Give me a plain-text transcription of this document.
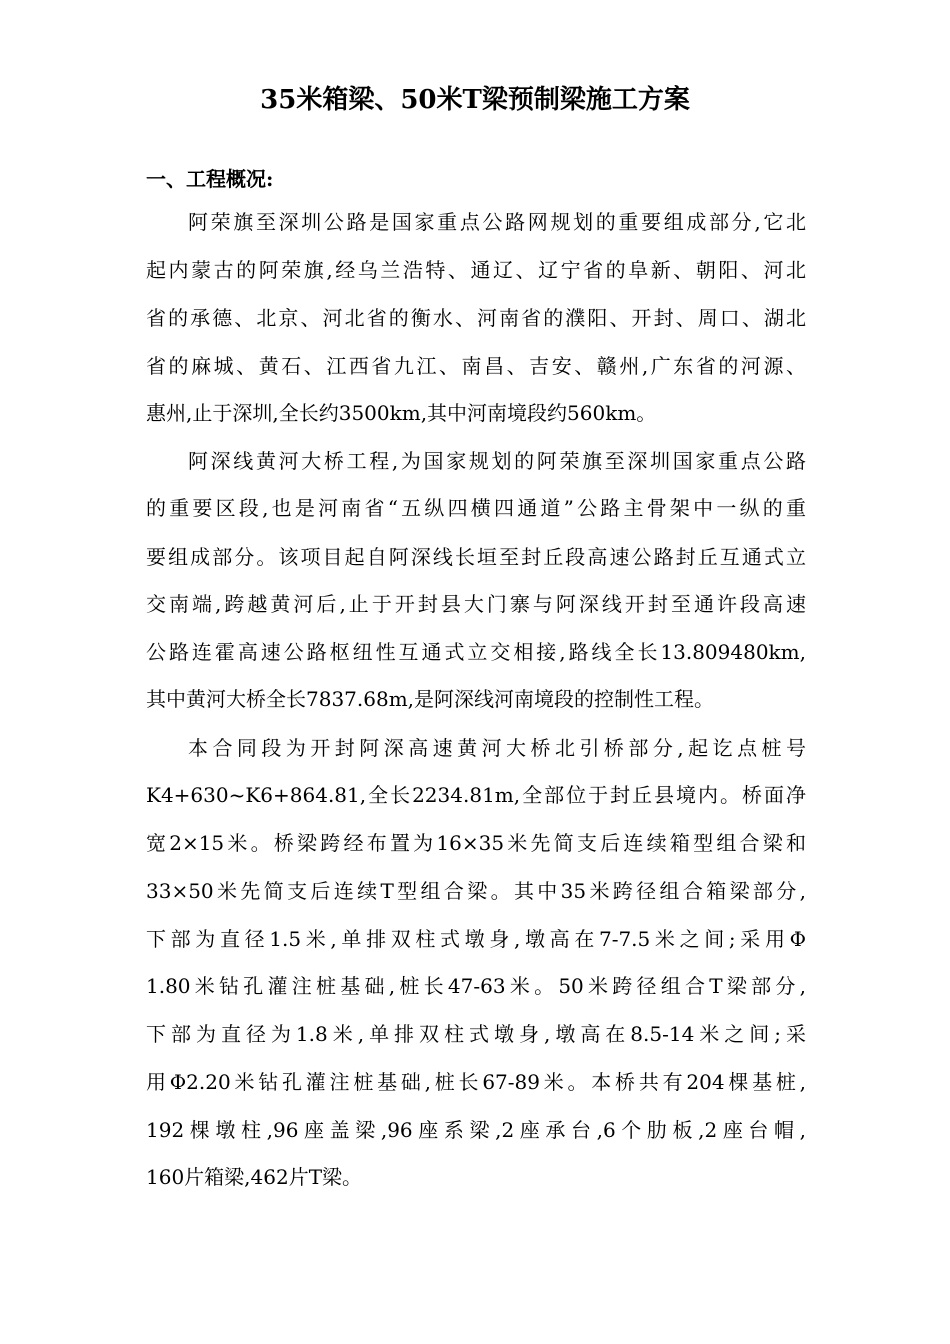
35米箱梁、50米T梁预制梁施工方案
一、工程概况:
阿荣旗至深圳公路是国家重点公路网规划的重要组成部分,它北
起内蒙古的阿荣旗,经乌兰浩特、通辽、辽宁省的阜新、朝阳、河北
省的承德、北京、河北省的衡水、河南省的濮阳、开封、周口、湖北
省的麻城、黄石、江西省九江、南昌、吉安、赣州,广东省的河源、
惠州,止于深圳,全长约3500km,其中河南境段约560km。
阿深线黄河大桥工程,为国家规划的阿荣旗至深圳国家重点公路
的重要区段,也是河南省“五纵四横四通道”公路主骨架中一纵的重
要组成部分。该项目起自阿深线长垣至封丘段高速公路封丘互通式立
交南端,跨越黄河后,止于开封县大门寨与阿深线开封至通许段高速
公路连霍高速公路枢纽性互通式立交相接,路线全长13.809480km,
其中黄河大桥全长7837.68m,是阿深线河南境段的控制性工程。
本合同段为开封阿深高速黄河大桥北引桥部分,起讫点桩号
K4+630~K6+864.81,全长2234.81m,全部位于封丘县境内。桥面净
宽2×15米。桥梁跨经布置为16×35米先简支后连续箱型组合梁和
33×50米先简支后连续T型组合梁。其中35米跨径组合箱梁部分,
下部为直径1.5米,单排双柱式墩身,墩高在7-7.5米之间;采用Φ
1.80米钻孔灌注桩基础,桩长47-63米。50米跨径组合T梁部分,
下部为直径为1.8米,单排双柱式墩身,墩高在8.5-14米之间;采
用Φ2.20米钻孔灌注桩基础,桩长67-89米。本桥共有204棵基桩,
192棵墩柱,96座盖梁,96座系梁,2座承台,6个肋板,2座台帽,
160片箱梁,462片T梁。
